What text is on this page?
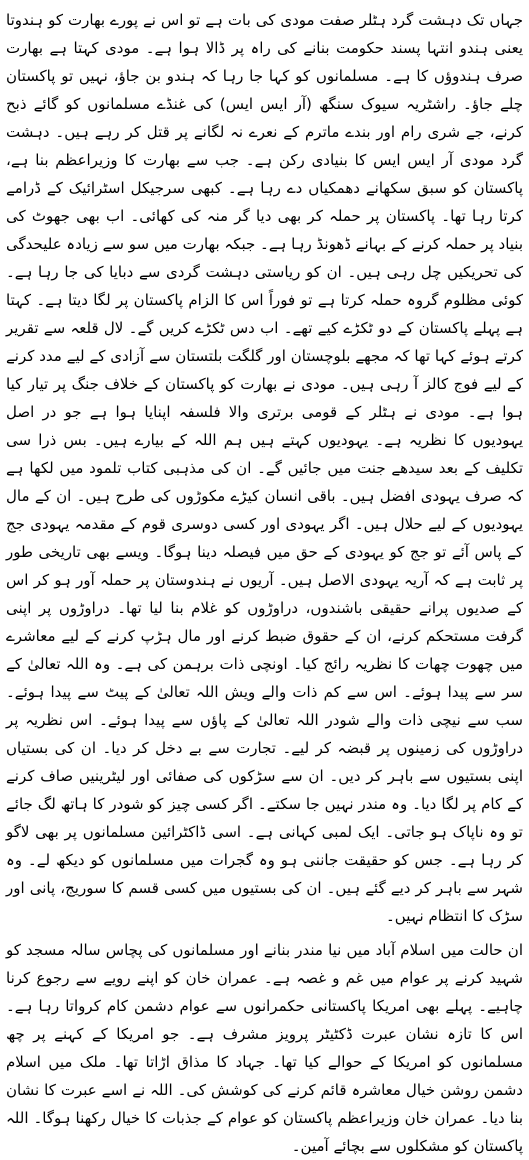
جہاں تک دہشت گرد ہٹلر صفت مودی کی بات ہے تو اس نے پورے بھارت کو ہندوتا یعنی ہندو انتہا پسند حکومت بنانے کی راہ پر ڈالا ہوا ہے۔ مودی کہتا ہے بھارت صرف ہندوؤں کا ہے۔ مسلمانوں کو کہا جا رہا کہ ہندو بن جاؤ، نہیں تو پاکستان چلے جاؤ۔ راشٹریہ سیوک سنگھ (آر ایس ایس) کی غنڈے مسلمانوں کو گائے ذبح کرنے، جے شری رام اور بندے ماترم کے نعرے نہ لگانے پر قتل کر رہے ہیں۔ دہشت گرد مودی آر ایس ایس کا بنیادی رکن ہے۔ جب سے بھارت کا وزیراعظم بنا ہے، پاکستان کو سبق سکھانے دھمکیاں دے رہا ہے۔ کبھی سرجیکل اسٹرائیک کے ڈرامے کرتا رہا تھا۔ پاکستان پر حملہ کر بھی دیا گر منہ کی کھائی۔ اب بھی جھوٹ کی بنیاد پر حملہ کرنے کے بہانے ڈھونڈ رہا ہے۔ جبکہ بھارت میں سو سے زیادہ علیحدگی کی تحریکیں چل رہی ہیں۔ ان کو ریاستی دہشت گردی سے دبایا کی جا رہا ہے۔ کوئی مظلوم گروہ حملہ کرتا ہے تو فوراً اس کا الزام پاکستان پر لگا دیتا ہے۔ کہتا ہے پہلے پاکستان کے دو ٹکڑے کیے تھے۔ اب دس ٹکڑے کریں گے۔ لال قلعہ سے تقریر کرتے ہوئے کہا تھا کہ مجھے بلوچستان اور گلگت بلتستان سے آزادی کے لیے مدد کرنے کے لیے فوج کالز آ رہی ہیں۔ مودی نے بھارت کو پاکستان کے خلاف جنگ پر تیار کیا ہوا ہے۔ مودی نے ہٹلر کے قومی برتری والا فلسفہ اپنایا ہوا ہے جو در اصل یہودیوں کا نظریہ ہے۔ یہودیوں کہتے ہیں ہم اللہ کے بیارے ہیں۔ بس ذرا سی تکلیف کے بعد سیدھے جنت میں جائیں گے۔ ان کی مذہبی کتاب تلمود میں لکھا ہے کہ صرف یہودی افضل ہیں۔ باقی انسان کیڑے مکوڑوں کی طرح ہیں۔ ان کے مال یہودیوں کے لیے حلال ہیں۔ اگر یہودی اور کسی دوسری قوم کے مقدمہ یہودی جج کے پاس آئے تو جج کو یہودی کے حق میں فیصلہ دینا ہوگا۔ ویسے بھی تاریخی طور پر ثابت ہے کہ آریہ یہودی الاصل ہیں۔ آریوں نے ہندوستان پر حملہ آور ہو کر اس کے صدیوں پرانے حقیقی باشندوں، دراوڑوں کو غلام بنا لیا تھا۔ دراوڑوں پر اپنی گرفت مستحکم کرنے، ان کے حقوق ضبط کرنے اور مال ہڑپ کرنے کے لیے معاشرے میں چھوت چھات کا نظریہ رائج کیا۔ اونچی ذات برہمن کی ہے۔ وہ اللہ تعالیٰ کے سر سے پیدا ہوئے۔ اس سے کم ذات والے ویش اللہ تعالیٰ کے پیٹ سے پیدا ہوئے۔ سب سے نیچی ذات والے شودر اللہ تعالیٰ کے پاؤں سے پیدا ہوئے۔ اس نظریہ پر دراوڑوں کی زمینوں پر قبضہ کر لیے۔ تجارت سے بے دخل کر دیا۔ ان کی بستیاں اپنی بستیوں سے باہر کر دیں۔ ان سے سڑکوں کی صفائی اور لیٹرینیں صاف کرنے کے کام پر لگا دیا۔ وہ مندر نہیں جا سکتے۔ اگر کسی چیز کو شودر کا ہاتھ لگ جائے تو وہ ناپاک ہو جاتی۔ ایک لمبی کہانی ہے۔ اسی ڈاکٹرائین مسلمانوں پر بھی لاگو کر رہا ہے۔ جس کو حقیقت جاننی ہو وہ گجرات میں مسلمانوں کو دیکھ لے۔ وہ شہر سے باہر کر دیے گئے ہیں۔ ان کی بستیوں میں کسی قسم کا سوریج، پانی اور سڑک کا انتظام نہیں۔

ان حالت میں اسلام آباد میں نیا مندر بنانے اور مسلمانوں کی پچاس سالہ مسجد کو شہید کرنے پر عوام میں غم و غصہ ہے۔ عمران خان کو اپنے رویے سے رجوع کرنا چاہیے۔ پہلے بھی امریکا پاکستانی حکمرانوں سے عوام دشمن کام کرواتا رہا ہے۔ اس کا تازہ نشان عبرت ڈکٹیٹر پرویز مشرف ہے۔ جو امریکا کے کہنے پر چھ مسلمانوں کو امریکا کے حوالے کیا تھا۔ جہاد کا مذاق اڑاتا تھا۔ ملک میں اسلام دشمن روشن خیال معاشرہ قائم کرنے کی کوشش کی۔ اللہ نے اسے عبرت کا نشان بنا دیا۔ عمران خان وزیراعظم پاکستان کو عوام کے جذبات کا خیال رکھنا ہوگا۔ اللہ پاکستان کو مشکلوں سے بچائے آمین۔
